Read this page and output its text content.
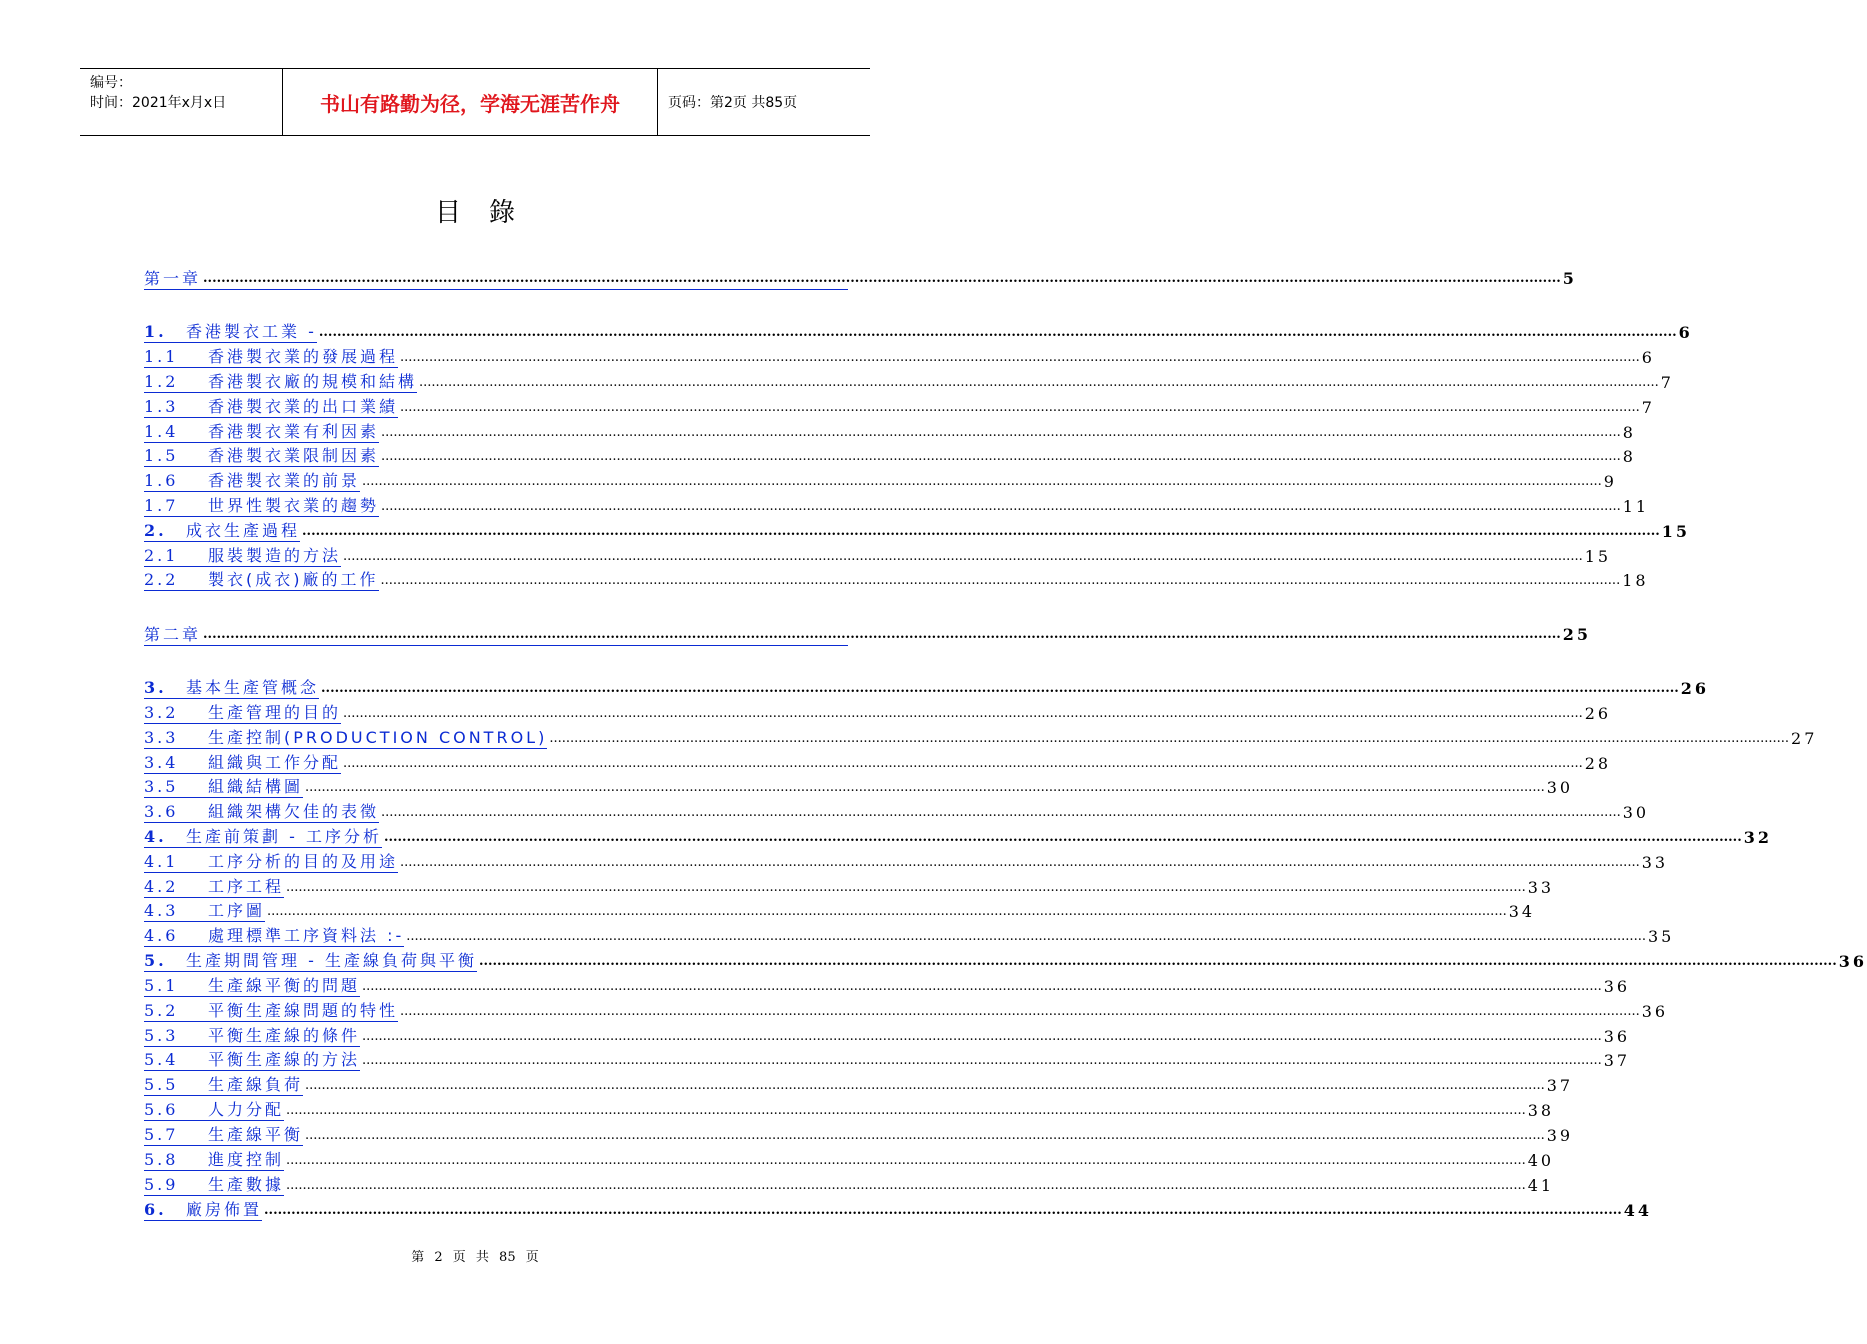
编号：
时间：2021年x月x日	书山有路勤为径，学海无涯苦作舟	页码：第2页 共85页
目錄
第一章 ............................................................................................................................................................................................................................................................................................................ 5
1. 香港製衣工業 - ............................................................................................................................................................................................................................................................................................................ 6
1.1 香港製衣業的發展過程 ............................................................................................................................................................................................................................................................................................................ 6
1.2 香港製衣廠的規模和結構 ............................................................................................................................................................................................................................................................................................................ 7
1.3 香港製衣業的出口業績 ............................................................................................................................................................................................................................................................................................................ 7
1.4 香港製衣業有利因素 ............................................................................................................................................................................................................................................................................................................ 8
1.5 香港製衣業限制因素 ............................................................................................................................................................................................................................................................................................................ 8
1.6 香港製衣業的前景 ............................................................................................................................................................................................................................................................................................................ 9
1.7 世界性製衣業的趨勢 ............................................................................................................................................................................................................................................................................................................ 11
2. 成衣生產過程 ............................................................................................................................................................................................................................................................................................................ 15
2.1 服裝製造的方法 ............................................................................................................................................................................................................................................................................................................ 15
2.2 製衣(成衣)廠的工作 ............................................................................................................................................................................................................................................................................................................ 18
第二章 ............................................................................................................................................................................................................................................................................................................ 25
3. 基本生產管概念 ............................................................................................................................................................................................................................................................................................................ 26
3.2 生產管理的目的 ............................................................................................................................................................................................................................................................................................................ 26
3.3 生產控制(PRODUCTION CONTROL) ............................................................................................................................................................................................................................................................................................................ 27
3.4 組織與工作分配 ............................................................................................................................................................................................................................................................................................................ 28
3.5 組織結構圖 ............................................................................................................................................................................................................................................................................................................ 30
3.6 組織架構欠佳的表徵 ............................................................................................................................................................................................................................................................................................................ 30
4. 生產前策劃 - 工序分析 ............................................................................................................................................................................................................................................................................................................ 32
4.1 工序分析的目的及用途 ............................................................................................................................................................................................................................................................................................................ 33
4.2 工序工程 ............................................................................................................................................................................................................................................................................................................ 33
4.3 工序圖 ............................................................................................................................................................................................................................................................................................................ 34
4.6 處理標準工序資料法 :- ............................................................................................................................................................................................................................................................................................................ 35
5. 生產期間管理 - 生產線負荷與平衡 ............................................................................................................................................................................................................................................................................................................ 36
5.1 生產線平衡的問題 ............................................................................................................................................................................................................................................................................................................ 36
5.2 平衡生產線問題的特性 ............................................................................................................................................................................................................................................................................................................ 36
5.3 平衡生產線的條件 ............................................................................................................................................................................................................................................................................................................ 36
5.4 平衡生產線的方法 ............................................................................................................................................................................................................................................................................................................ 37
5.5 生產線負荷 ............................................................................................................................................................................................................................................................................................................ 37
5.6 人力分配 ............................................................................................................................................................................................................................................................................................................ 38
5.7 生產線平衡 ............................................................................................................................................................................................................................................................................................................ 39
5.8 進度控制 ............................................................................................................................................................................................................................................................................................................ 40
5.9 生產數據 ............................................................................................................................................................................................................................................................................................................ 41
6. 廠房佈置 ............................................................................................................................................................................................................................................................................................................ 44
第 2 页 共 85 页
